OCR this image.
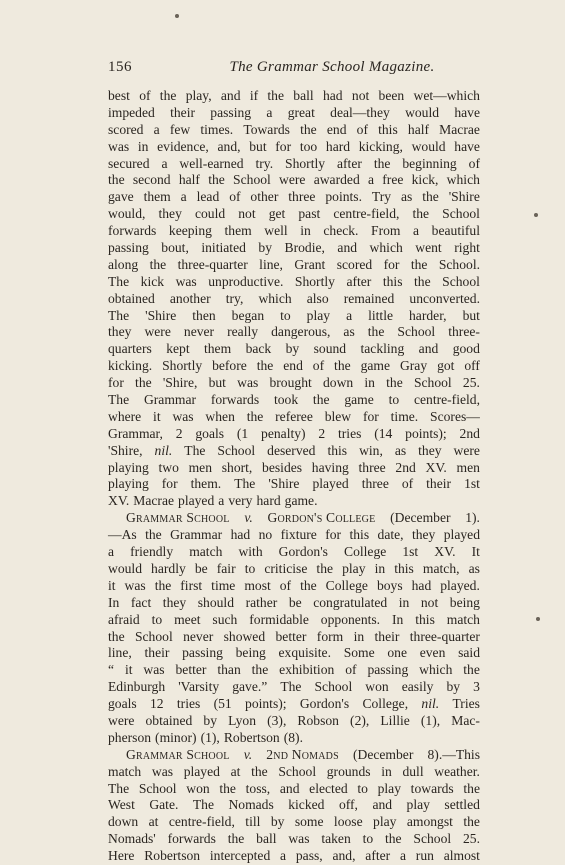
156	The Grammar School Magazine.
best of the play, and if the ball had not been wet—which
impeded their passing a great deal—they would have
scored a few times. Towards the end of this half Macrae
was in evidence, and, but for too hard kicking, would have
secured a well-earned try. Shortly after the beginning of
the second half the School were awarded a free kick, which
gave them a lead of other three points. Try as the 'Shire
would, they could not get past centre-field, the School
forwards keeping them well in check. From a beautiful
passing bout, initiated by Brodie, and which went right
along the three-quarter line, Grant scored for the School.
The kick was unproductive. Shortly after this the School
obtained another try, which also remained unconverted.
The 'Shire then began to play a little harder, but
they were never really dangerous, as the School three-
quarters kept them back by sound tackling and good
kicking. Shortly before the end of the game Gray got off
for the 'Shire, but was brought down in the School 25.
The Grammar forwards took the game to centre-field,
where it was when the referee blew for time. Scores—
Grammar, 2 goals (1 penalty) 2 tries (14 points); 2nd
'Shire, nil. The School deserved this win, as they were
playing two men short, besides having three 2nd XV. men
playing for them. The 'Shire played three of their 1st
XV. Macrae played a very hard game.
Grammar School v. Gordon's College (December 1).
—As the Grammar had no fixture for this date, they played
a friendly match with Gordon's College 1st XV. It
would hardly be fair to criticise the play in this match, as
it was the first time most of the College boys had played.
In fact they should rather be congratulated in not being
afraid to meet such formidable opponents. In this match
the School never showed better form in their three-quarter
line, their passing being exquisite. Some one even said
“ it was better than the exhibition of passing which the
Edinburgh 'Varsity gave.” The School won easily by 3
goals 12 tries (51 points); Gordon's College, nil. Tries
were obtained by Lyon (3), Robson (2), Lillie (1), Mac-
pherson (minor) (1), Robertson (8).
Grammar School v. 2nd Nomads (December 8).—This
match was played at the School grounds in dull weather.
The School won the toss, and elected to play towards the
West Gate. The Nomads kicked off, and play settled
down at centre-field, till by some loose play amongst the
Nomads' forwards the ball was taken to the School 25.
Here Robertson intercepted a pass, and, after a run almost
